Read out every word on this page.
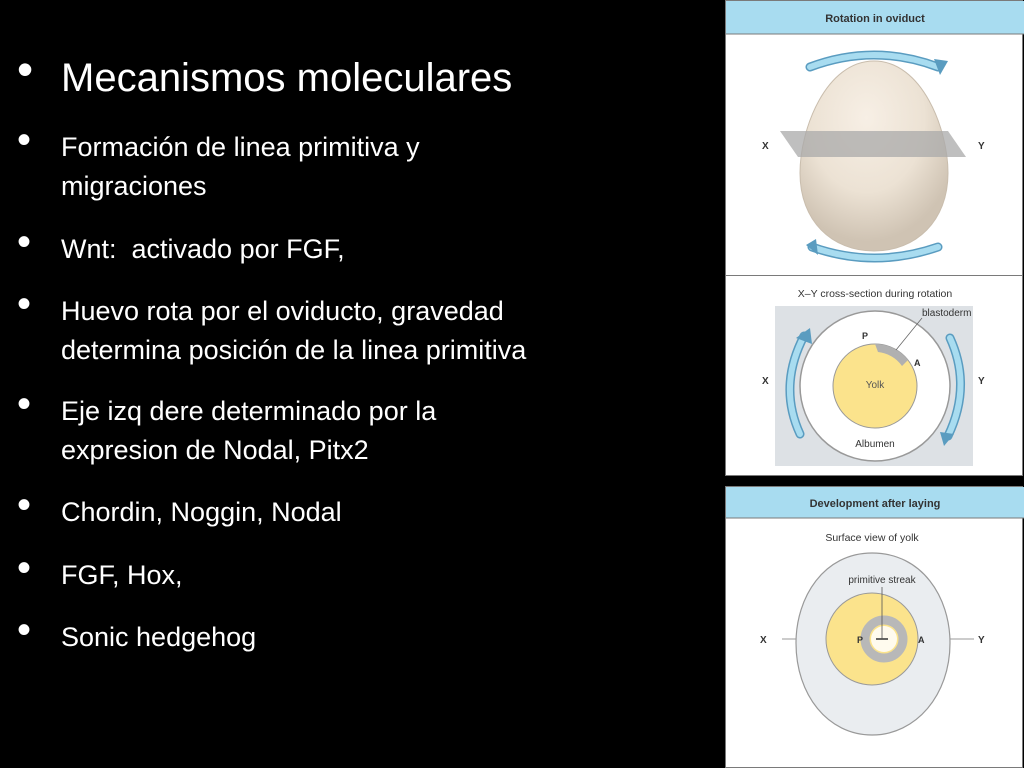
• Mecanismos moleculares
• Formación de linea primitiva y migraciones
• Wnt:  activado por FGF,
• Huevo rota por el oviducto, gravedad determina posición de la linea primitiva
• Eje izq dere determinado por la expresion de Nodal, Pitx2
• Chordin, Noggin, Nodal
• FGF, Hox,
• Sonic hedgehog
Rotation in oviduct
X	Y
X–Y cross-section during rotation
blastoderm
P
A
Yolk
Albumen
X	Y
Development after laying
Surface view of yolk
primitive streak
P	A
X	Y
